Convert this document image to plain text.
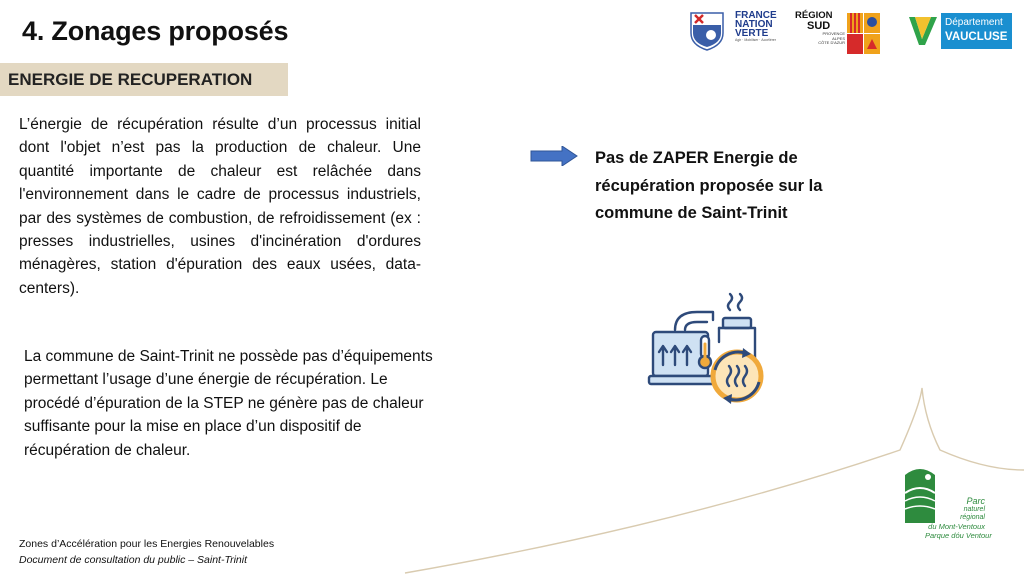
4. Zonages proposés
ENERGIE DE RECUPERATION
L’énergie de récupération résulte d’un processus initial dont l'objet n’est pas la production de chaleur. Une quantité importante de chaleur est relâchée dans l'environnement dans le cadre de processus industriels, par des systèmes de combustion, de refroidissement (ex : presses industrielles, usines d'incinération d'ordures ménagères, station d'épuration des eaux usées, data-centers).
La commune de Saint-Trinit ne possède pas d’équipements permettant l’usage d’une énergie de récupération. Le procédé d’épuration de la STEP ne génère pas de chaleur suffisante pour la mise en place d’un dispositif de récupération de chaleur.
Pas de ZAPER Energie de récupération proposée sur la commune de Saint-Trinit
FRANCE
NATION
VERTE
Agir · Mobiliser · Accélérer
RÉGION
SUD
PROVENCE
ALPES
CÔTE D'AZUR
Département
VAUCLUSE
Parc
naturel
régional
du Mont-Ventoux
Parque dóu Ventour
Zones d’Accélération pour les Energies Renouvelables
Document de consultation du public – Saint-Trinit
